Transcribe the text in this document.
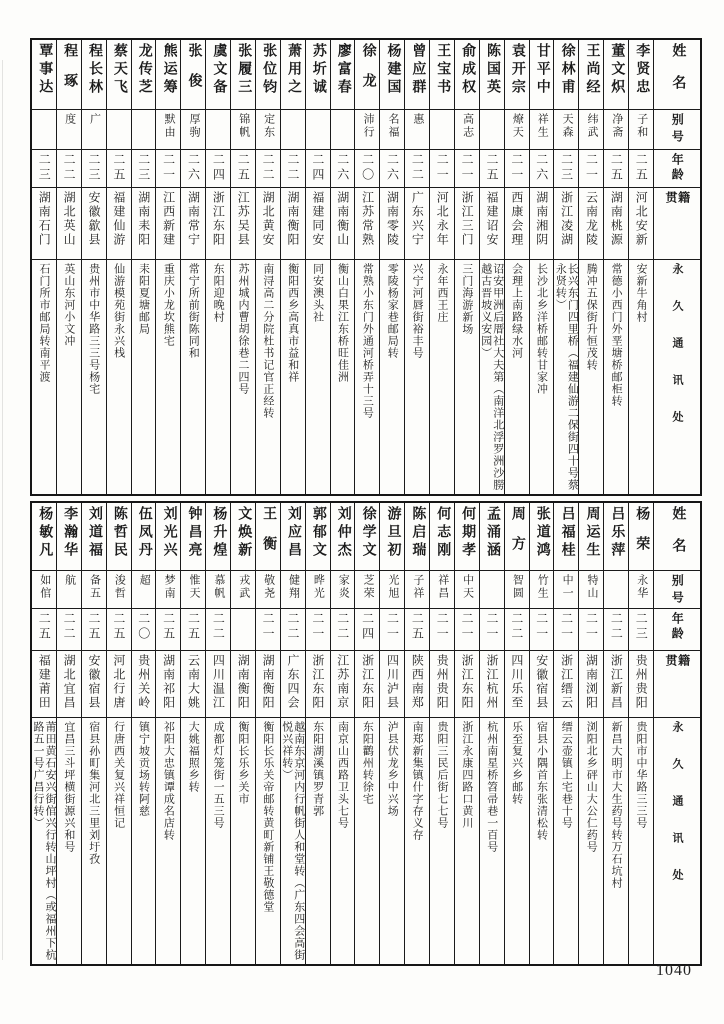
覃事达
二三
湖南石门
石门所市邮局转南平渡
程琢
度
二二
湖北英山
英山东河小文冲
程长林
广
二三
安徽歙县
贵州市中华路三三号杨宅
蔡天飞
二五
福建仙游
仙游模苑街永兴栈
龙传芝
二三
湖南耒阳
耒阳夏塘邮局
熊运筹
默由
二一
江西新建
重庆小龙坎熊宅
张俊
厚驹
二六
湖南常宁
常宁所前街陈同和
虞文备
二四
浙江东阳
东阳迎晚村
张履三
锦帆
二五
江苏吴县
苏州城内曹胡徐巷二四号
张位钧
定东
二二
湖北黄安
南浔高二分院杜书记官正经转
萧用之
二二
湖南衡阳
衡阳西乡高真市益和祥
苏圻诚
二四
福建同安
同安澳头社
廖富春
二六
湖南衡山
衡山白果江东桥旺佳洲
徐龙
沛行
二〇
江苏常熟
常熟小东门外通河桥弄十三号
杨建国
名福
二六
湖南零陵
零陵杨家巷邮局转
曾应群
惠
二二
广东兴宁
兴宁河唇街裕丰号
王宝书
二一
河北永年
永年西王庄
俞成权
高志
二一
浙江三门
三门海游新场
陈国英
二五
福建诏安
诏安甲洲后厝社大夫第（南洋北浮罗洲沙朥越古晋坡义安园）
袁开宗
燎天
二一
西康会理
会理上南路绿水河
甘平中
祥生
二六
湖南湘阴
长沙北乡洋桥邮转甘家冲
徐林甫
天森
二三
浙江凌湖
长兴东门四里桥（福建仙游二保街四十号蔡永贤转）
王尚经
纬武
二一
云南龙陵
腾冲五保街升恒茂转
董文炽
净斋
二五
湖南桃源
常德小西门外垩塘桥邮柜转
李贤忠
子和
二五
河北安新
安新牛角村
姓名
别号
年龄
籍贯
永久通讯处
杨敏凡
如倌
二五
福建莆田
莆田黄石安兴街倌兴行转山坪村（或福州下杭路五一号广昌行转）
李瀚华
航
二二
湖北宜昌
宜昌三斗坪横街源兴和号
刘道福
备五
二五
安徽宿县
宿县孙町集河北三里刘圩孜
陈哲民
浚哲
二五
河北行唐
行唐西关复兴祥恒记
伍凤丹
超
二〇
贵州关岭
镇宁坡贡场转阿慈
刘光兴
梦南
二五
湖南祁阳
祁阳大忠镇谭成名店转
钟昌亮
惟天
二五
云南大姚
大姚福照乡转
杨升煌
慕帆
二二
四川温江
成都灯笼街一五三号
文焕新
戎武
湖南衡阳
衡阳长乐乡关市
王衡
敬尧
二一
湖南衡阳
衡阳长乐关帝邮转黄町新铺王敬德堂
刘应昌
健翔
二二
广东四会
越南东京河内行帆街人和堂转（广东四会高街悦兴祥转）
郭郁文
晔光
二一
浙江东阳
东阳湖溪镇罗青郭
刘仲杰
家炎
二二
江苏南京
南京山西路卫头七号
徐学文
芝荣
二四
浙江东阳
东阳鹳州转徐宅
游旦初
光旭
二一
四川泸县
泸县伏龙乡中兴场
陈启瑞
子祥
二五
陕西南郑
南郑新集镇什字存义存
何志刚
祥昌
二一
贵州贵阳
贵阳三民后街七七号
何期孝
中天
二一
浙江东阳
浙江永康四路口黄川
孟涌涵
二一
浙江杭州
杭州南星桥笤帚巷一百号
周方
智圆
二二
四川乐至
乐至复兴乡邮转
张道鸿
竹生
二一
安徽宿县
宿县小隅首东张清松转
吕福桂
中一
二一
浙江缙云
缙云壶镇上宅巷十号
周运生
特山
二一
湖南浏阳
浏阳北乡砰山大公仁药号
吕乐萍
二二
浙江新昌
新昌大明市大生药号转万石坑村
杨荣
永华
二三
贵州贵阳
贵阳市中华路三三号
姓名
别号
年龄
籍贯
永久通讯处
1040
